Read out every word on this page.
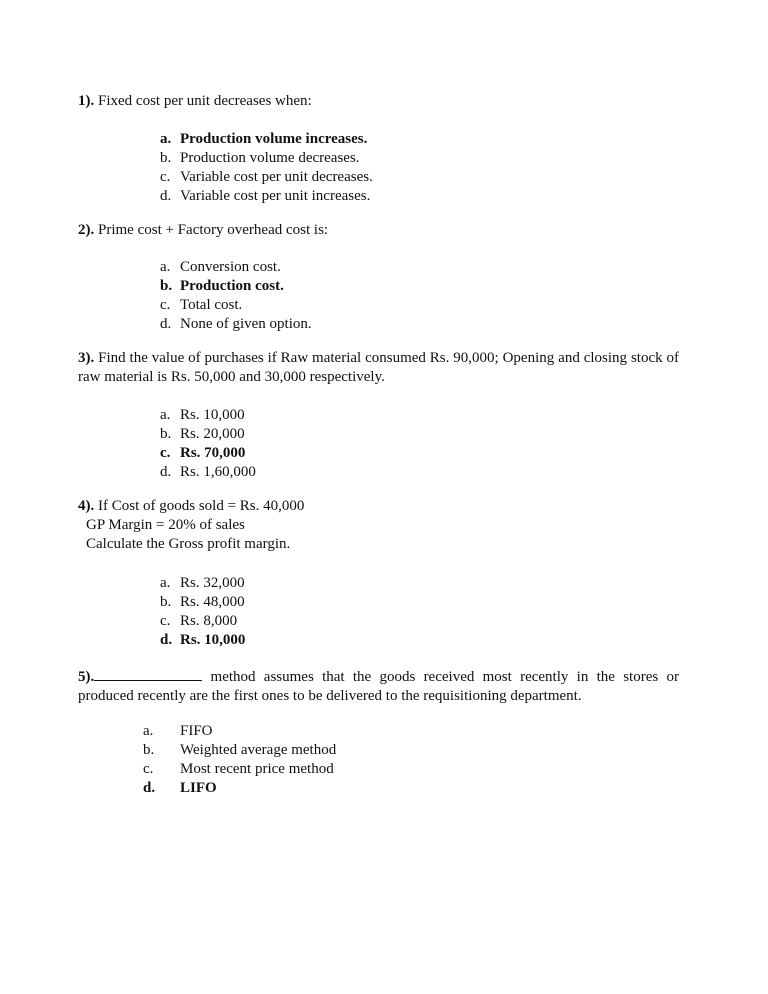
1). Fixed cost per unit decreases when:

a. Production volume increases.
b. Production volume decreases.
c. Variable cost per unit decreases.
d. Variable cost per unit increases.

2). Prime cost + Factory overhead cost is:

a. Conversion cost.
b. Production cost.
c. Total cost.
d. None of given option.

3). Find the value of purchases if Raw material consumed Rs. 90,000; Opening and closing stock of raw material is Rs. 50,000 and 30,000 respectively.

a. Rs. 10,000
b. Rs. 20,000
c. Rs. 70,000
d. Rs. 1,60,000

4). If Cost of goods sold = Rs. 40,000

GP Margin = 20% of sales

Calculate the Gross profit margin.

a. Rs. 32,000
b. Rs. 48,000
c. Rs. 8,000
d. Rs. 10,000

5).	method assumes that the goods received most recently in the stores or produced recently are the first ones to be delivered to the requisitioning department.

a.	FIFO
b.	Weighted average method
c.	Most recent price method
d.	LIFO
